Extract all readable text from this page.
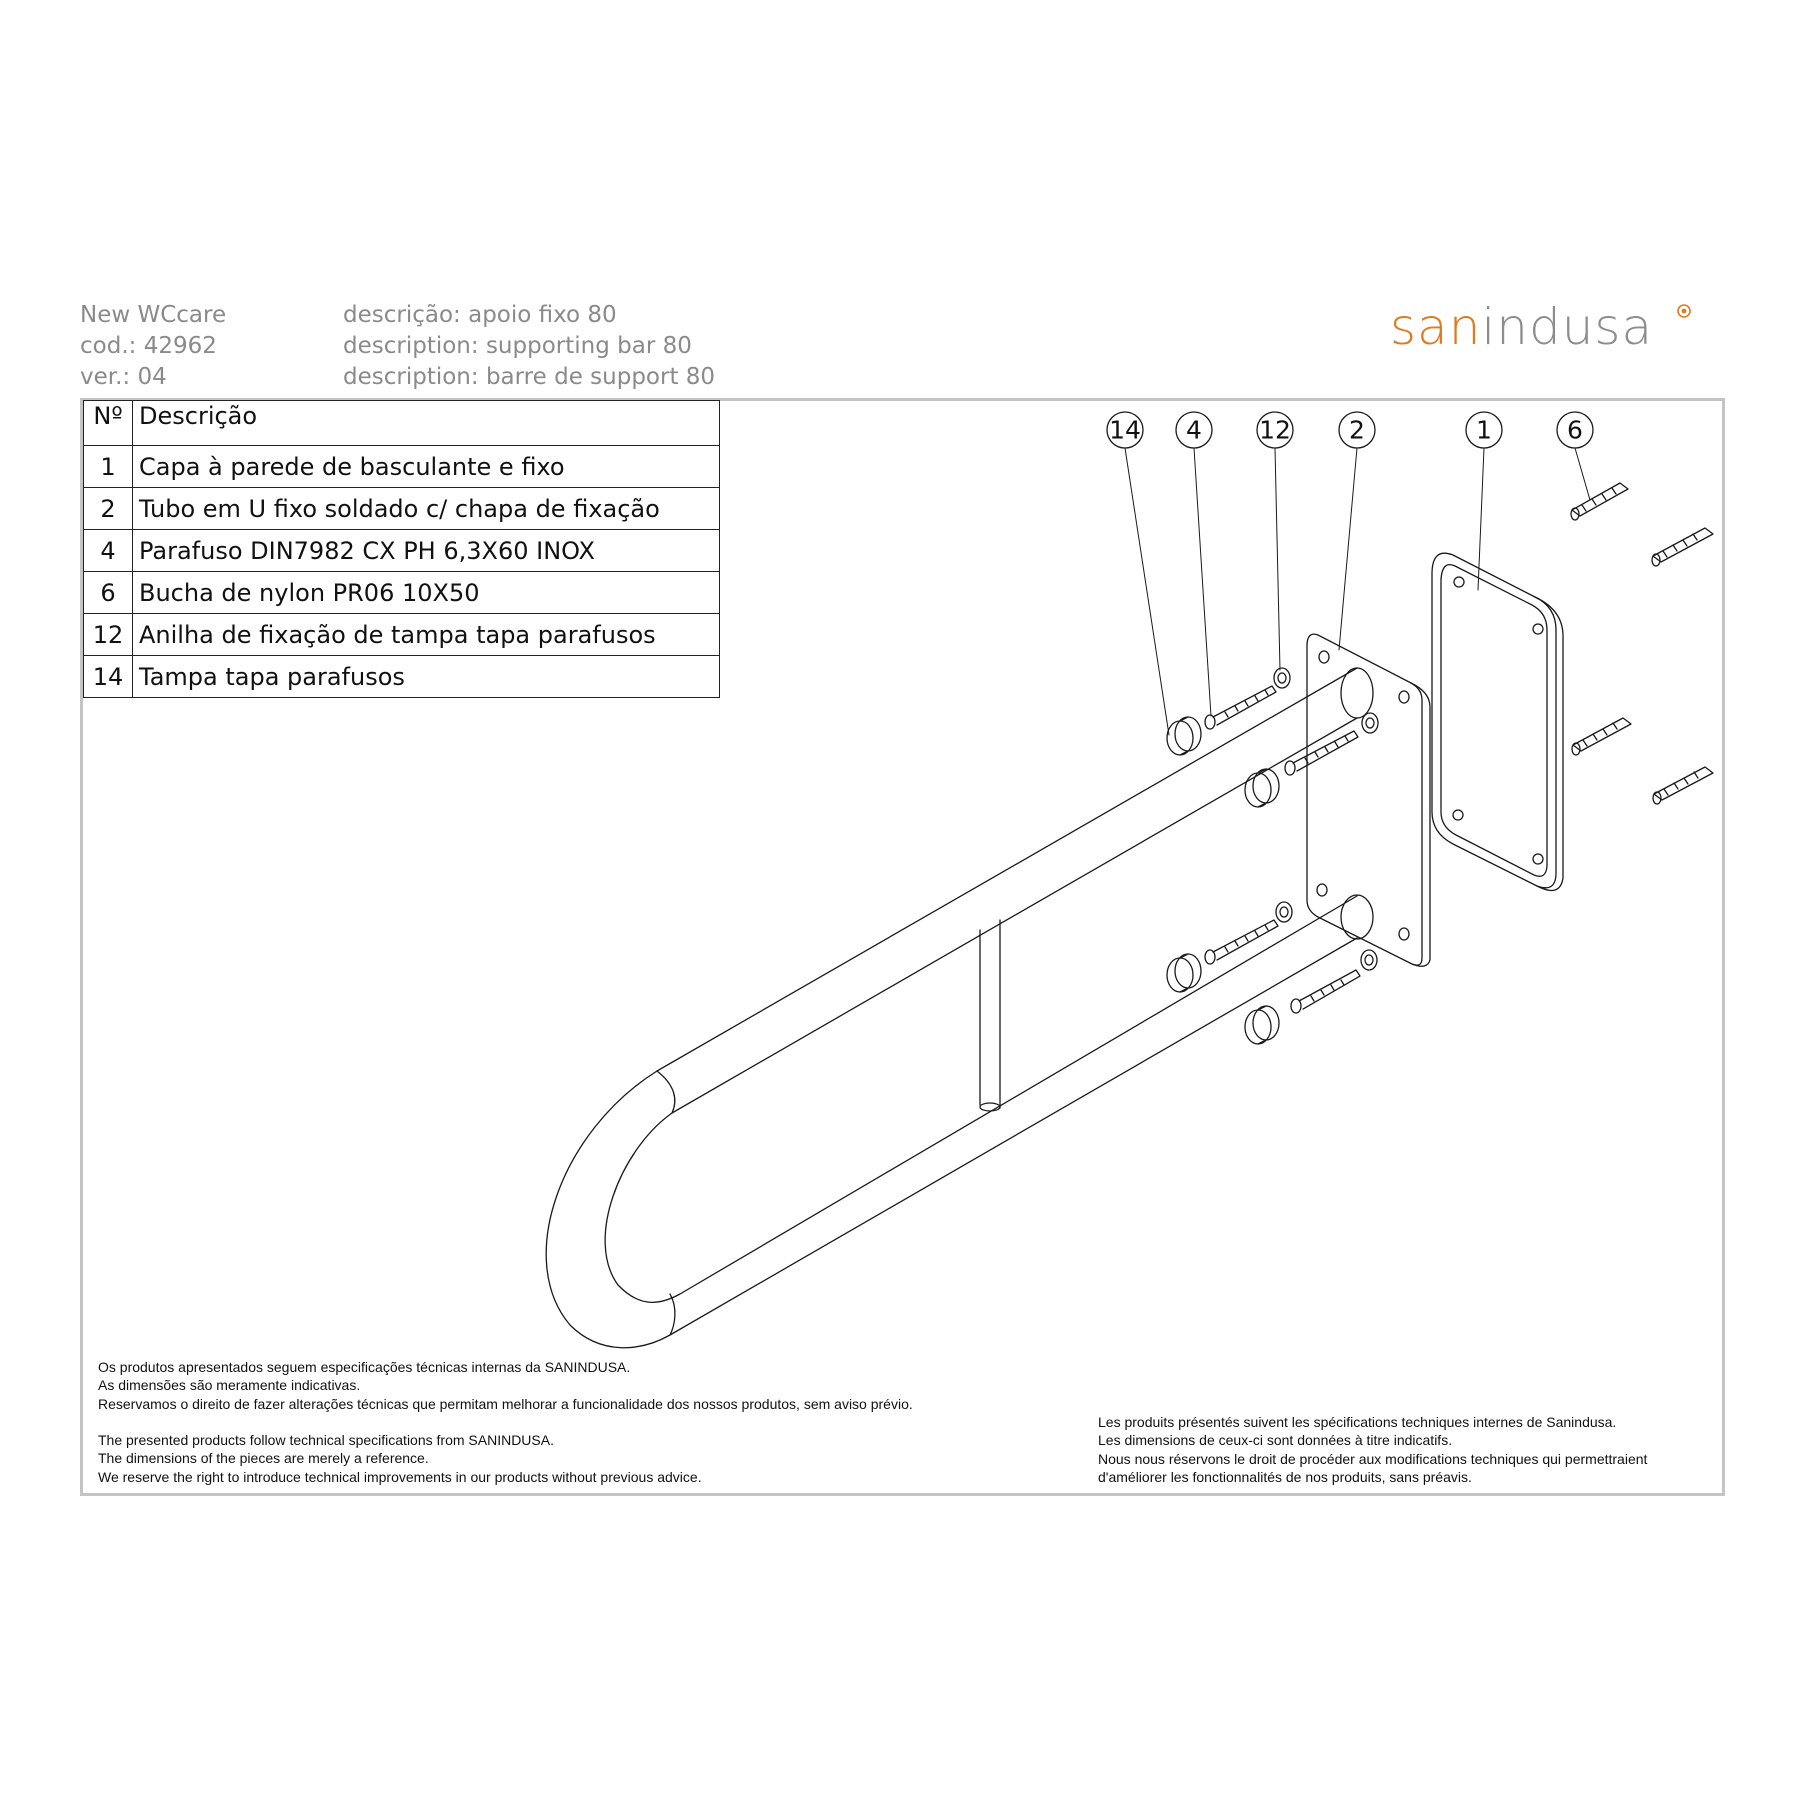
New WCcare
cod.: 42962
ver.: 04
descrição: apoio fixo 80
description: supporting bar 80
description: barre de support 80
sanindusa
14 4 12 2	1	6
Nº	Descrição
1	Capa à parede de basculante e fixo
2	Tubo em U fixo soldado c/ chapa de fixação
4	Parafuso DIN7982 CX PH 6,3X60 INOX
6	Bucha de nylon PR06 10X50
12	Anilha de fixação de tampa tapa parafusos
14	Tampa tapa parafusos
Os produtos apresentados seguem especificações técnicas internas da SANINDUSA.
As dimensões são meramente indicativas.
Reservamos o direito de fazer alterações técnicas que permitam melhorar a funcionalidade dos nossos produtos, sem aviso prévio.
The presented products follow technical specifications from SANINDUSA.
The dimensions of the pieces are merely a reference.
We reserve the right to introduce technical improvements in our products without previous advice.
Les produits présentés suivent les spécifications techniques internes de Sanindusa.
Les dimensions de ceux-ci sont données à titre indicatifs.
Nous nous réservons le droit de procéder aux modifications techniques qui permettraient
d'améliorer les fonctionnalités de nos produits, sans préavis.
